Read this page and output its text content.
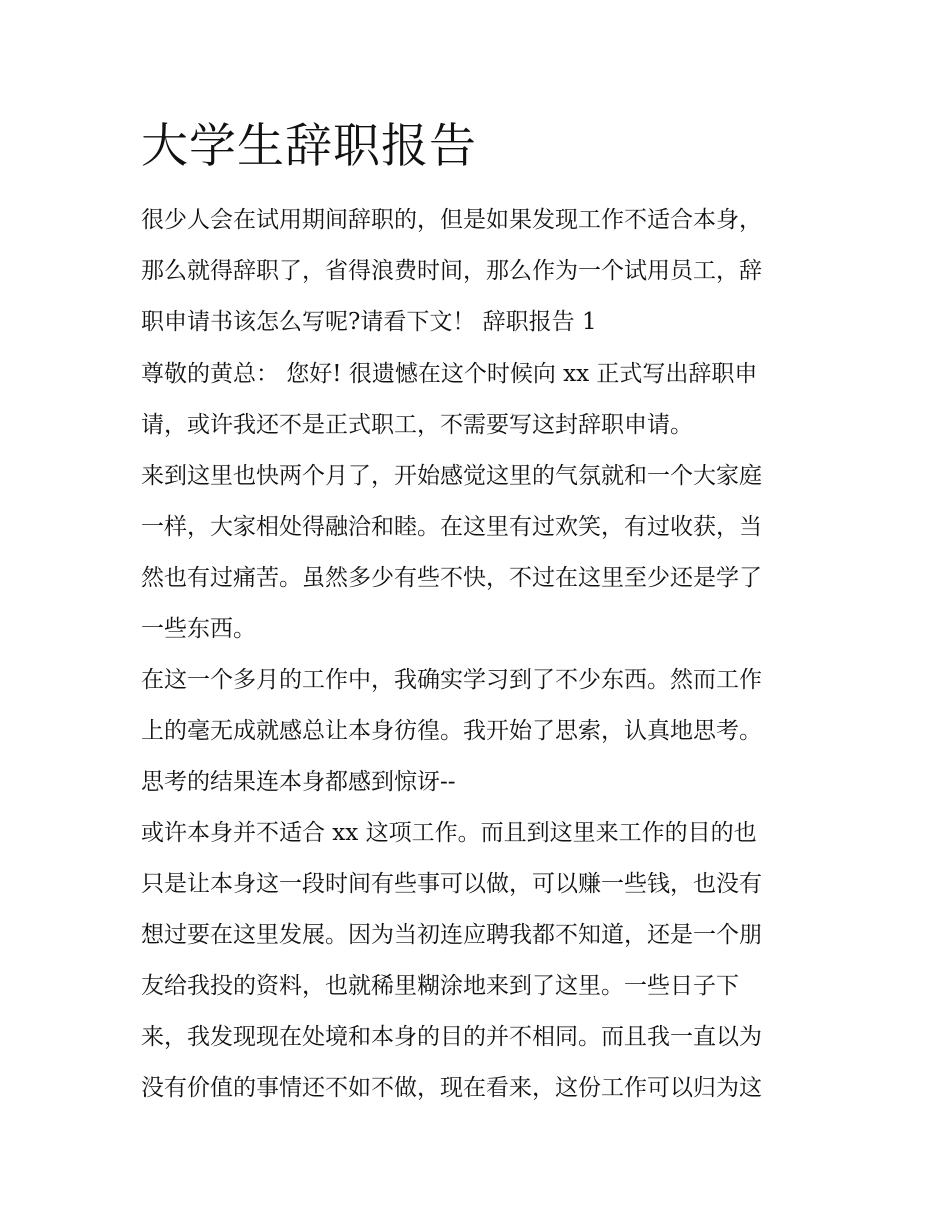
大学生辞职报告
很少人会在试用期间辞职的，但是如果发现工作不适合本身，
那么就得辞职了，省得浪费时间，那么作为一个试用员工，辞
职申请书该怎么写呢?请看下文！ 辞职报告 1
尊敬的黄总： 您好! 很遗憾在这个时候向 xx 正式写出辞职申
请，或许我还不是正式职工，不需要写这封辞职申请。
来到这里也快两个月了，开始感觉这里的气氛就和一个大家庭
一样，大家相处得融洽和睦。在这里有过欢笑，有过收获，当
然也有过痛苦。虽然多少有些不快，不过在这里至少还是学了
一些东西。
在这一个多月的工作中，我确实学习到了不少东西。然而工作
上的毫无成就感总让本身彷徨。我开始了思索，认真地思考。
思考的结果连本身都感到惊讶--
或许本身并不适合 xx 这项工作。而且到这里来工作的目的也
只是让本身这一段时间有些事可以做，可以赚一些钱，也没有
想过要在这里发展。因为当初连应聘我都不知道，还是一个朋
友给我投的资料，也就稀里糊涂地来到了这里。一些日子下
来，我发现现在处境和本身的目的并不相同。而且我一直以为
没有价值的事情还不如不做，现在看来，这份工作可以归为这
